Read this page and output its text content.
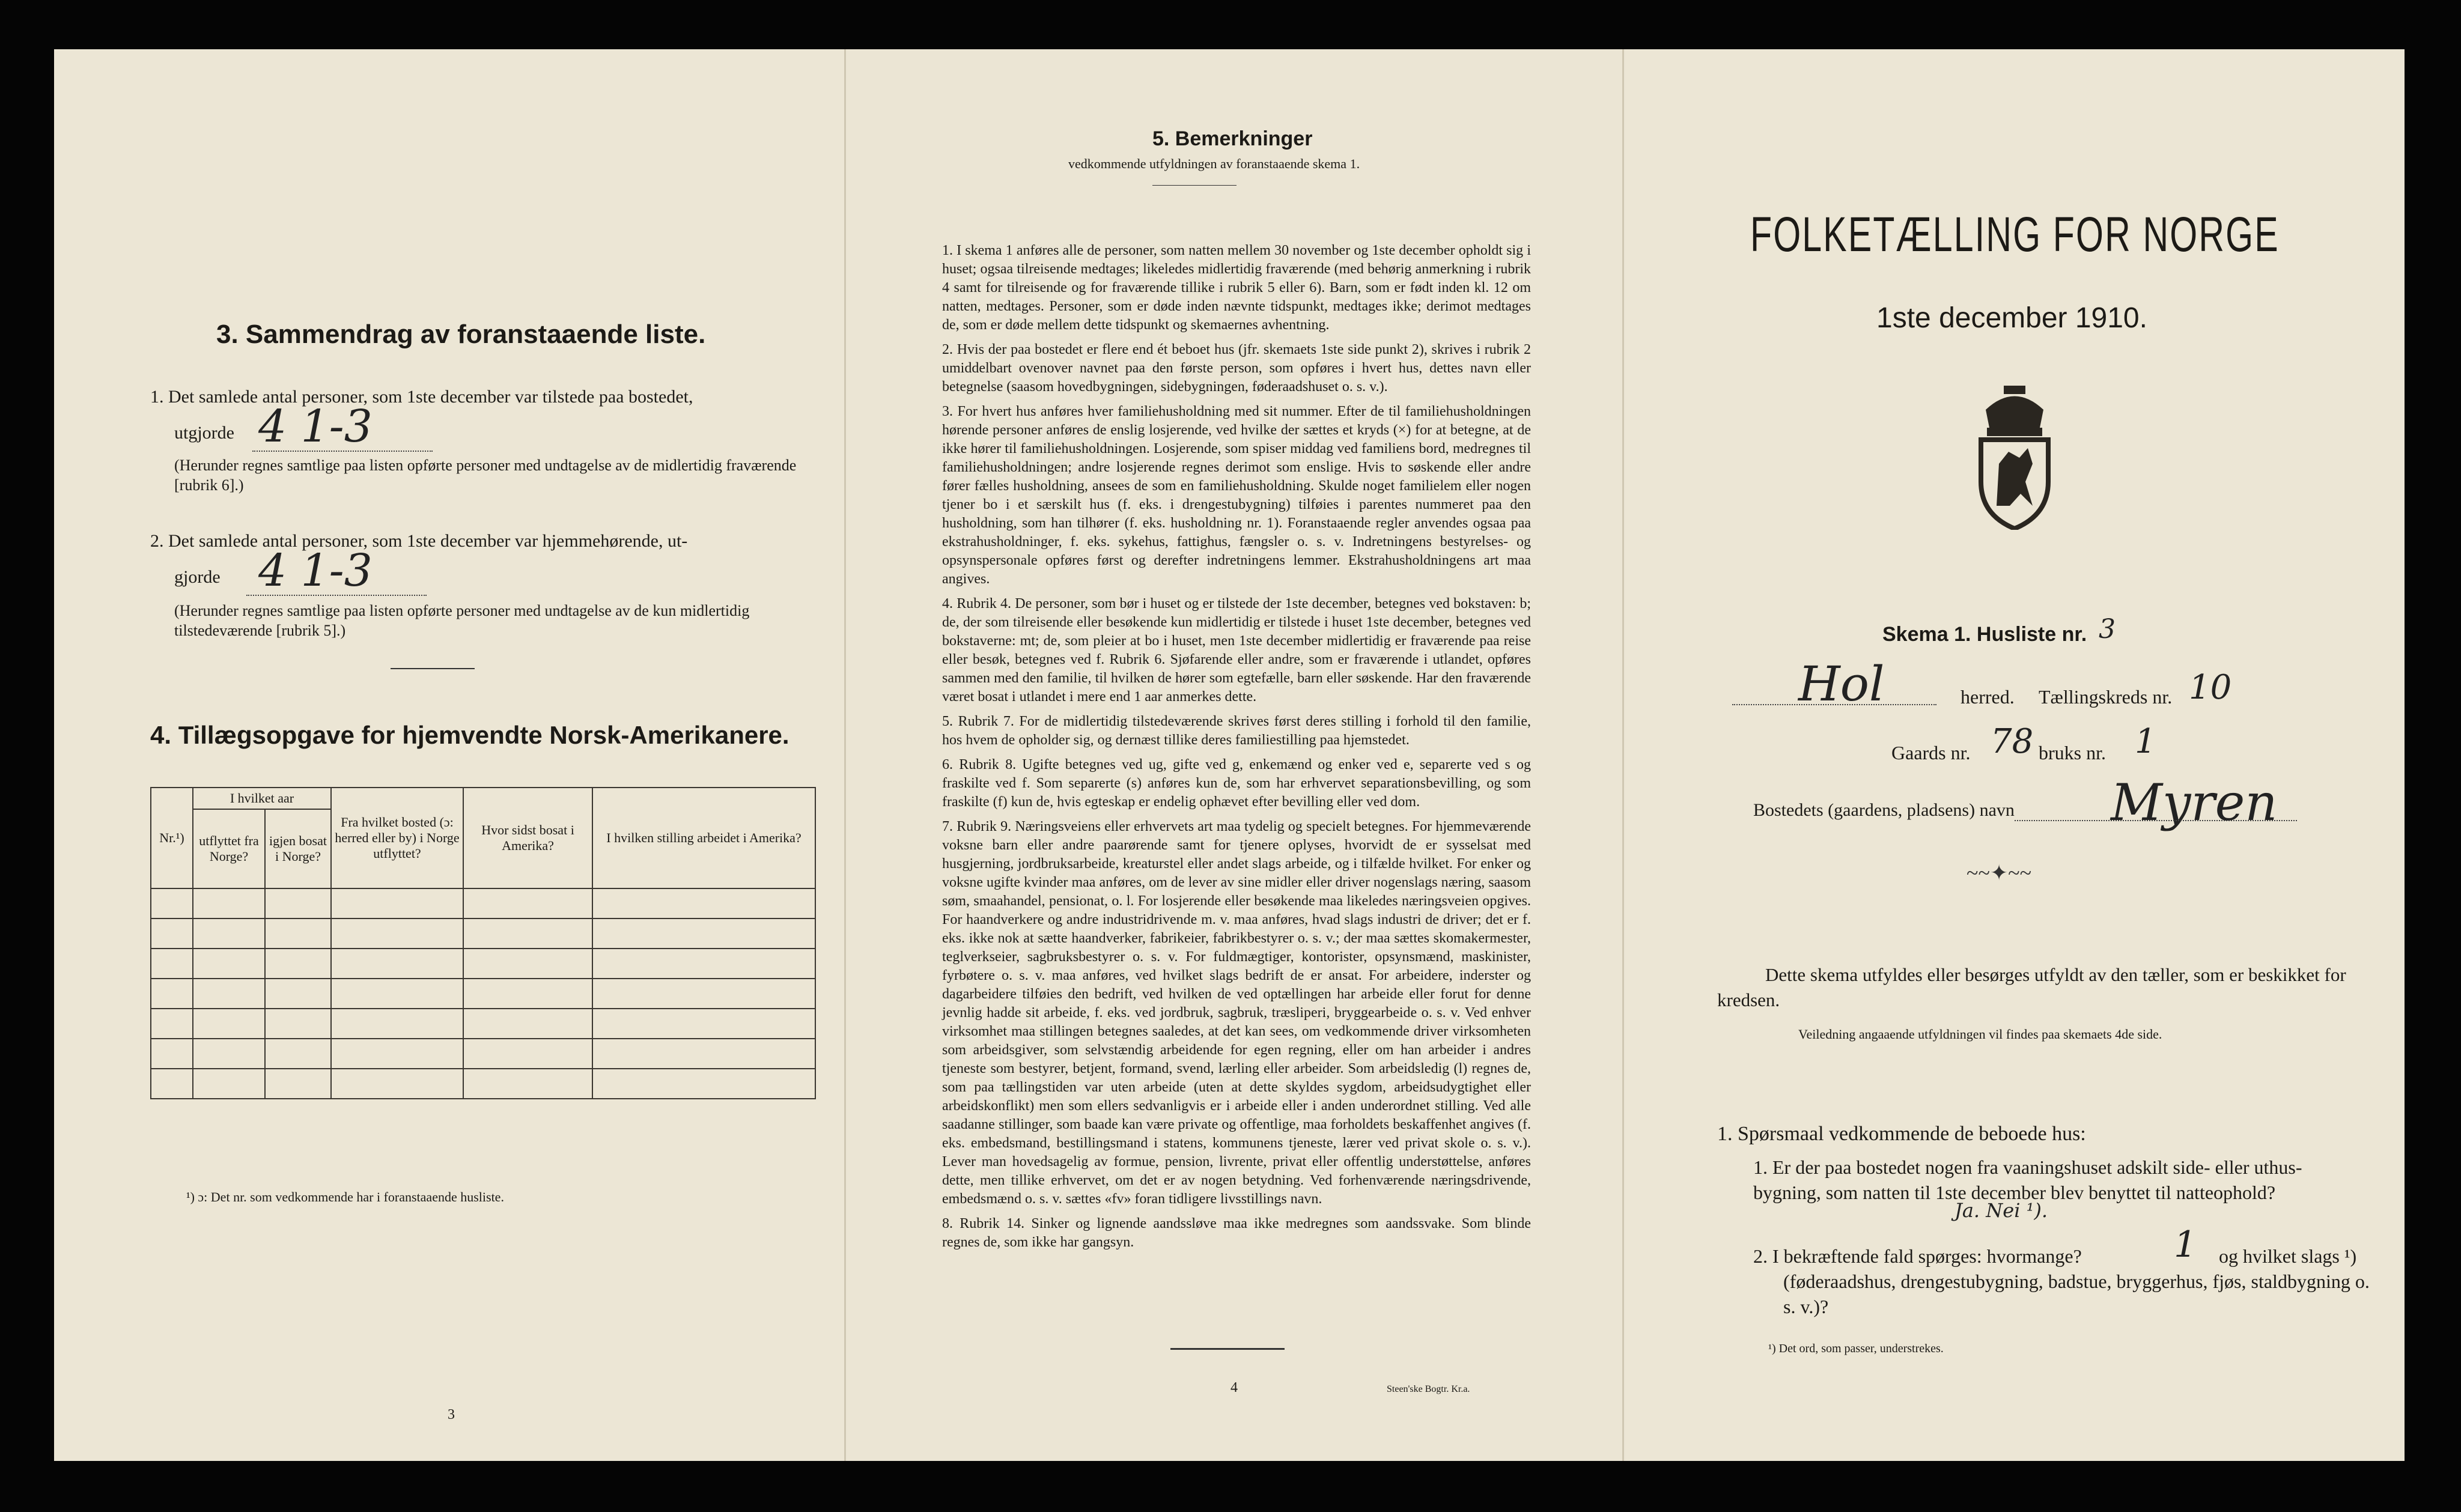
3. Sammendrag av foranstaaende liste.
1. Det samlede antal personer, som 1ste december var tilstede paa bostedet,
utgjorde 4 1-3
(Herunder regnes samtlige paa listen opførte personer med undtagelse av de midlertidig fraværende [rubrik 6].)
2. Det samlede antal personer, som 1ste december var hjemmehørende, ut-
gjorde 4 1-3
(Herunder regnes samtlige paa listen opførte personer med undtagelse av de kun midlertidig tilstedeværende [rubrik 5].)
4. Tillægsopgave for hjemvendte Norsk-Amerikanere.
Nr.¹)	I hvilket aar		Fra hvilket bosted (ɔ: herred eller by) i Norge utflyttet?	Hvor sidst bosat i Amerika?	I hvilken stilling arbeidet i Amerika?
	utflyttet fra Norge?	igjen bosat i Norge?			

¹) ɔ: Det nr. som vedkommende har i foranstaaende husliste.
3
5. Bemerkninger
vedkommende utfyldningen av foranstaaende skema 1.

1. I skema 1 anføres alle de personer, som natten mellem 30 november og 1ste december opholdt sig i huset; ogsaa tilreisende medtages; likeledes midlertidig fraværende (med behørig anmerkning i rubrik 4 samt for tilreisende og for fraværende tillike i rubrik 5 eller 6). Barn, som er født inden kl. 12 om natten, medtages. Personer, som er døde inden nævnte tidspunkt, medtages ikke; derimot medtages de, som er døde mellem dette tidspunkt og skemaernes avhentning.

2. Hvis der paa bostedet er flere end ét beboet hus (jfr. skemaets 1ste side punkt 2), skrives i rubrik 2 umiddelbart ovenover navnet paa den første person, som opføres i hvert hus, dettes navn eller betegnelse (saasom hovedbygningen, sidebygningen, føderaadshuset o. s. v.).

3. For hvert hus anføres hver familiehusholdning med sit nummer. Efter de til familiehusholdningen hørende personer anføres de enslig losjerende, ved hvilke der sættes et kryds (×) for at betegne, at de ikke hører til familiehusholdningen. Losjerende, som spiser middag ved familiens bord, medregnes til familiehusholdningen; andre losjerende regnes derimot som enslige. Hvis to søskende eller andre fører fælles husholdning, ansees de som en familiehusholdning. Skulde noget familielem eller nogen tjener bo i et særskilt hus (f. eks. i drengestubygning) tilføies i parentes nummeret paa den husholdning, som han tilhører (f. eks. husholdning nr. 1). Foranstaaende regler anvendes ogsaa paa ekstrahusholdninger, f. eks. sykehus, fattighus, fængsler o. s. v. Indretningens bestyrelses- og opsynspersonale opføres først og derefter indretningens lemmer. Ekstrahusholdningens art maa angives.

4. Rubrik 4. De personer, som bør i huset og er tilstede der 1ste december, betegnes ved bokstaven: b; de, der som tilreisende eller besøkende kun midlertidig er tilstede i huset 1ste december, betegnes ved bokstaverne: mt; de, som pleier at bo i huset, men 1ste december midlertidig er fraværende paa reise eller besøk, betegnes ved f. Rubrik 6. Sjøfarende eller andre, som er fraværende i utlandet, opføres sammen med den familie, til hvilken de hører som egtefælle, barn eller søskende. Har den fraværende været bosat i utlandet i mere end 1 aar anmerkes dette.

5. Rubrik 7. For de midlertidig tilstedeværende skrives først deres stilling i forhold til den familie, hos hvem de opholder sig, og dernæst tillike deres familiestilling paa hjemstedet.

6. Rubrik 8. Ugifte betegnes ved ug, gifte ved g, enkemænd og enker ved e, separerte ved s og fraskilte ved f. Som separerte (s) anføres kun de, som har erhvervet separationsbevilling, og som fraskilte (f) kun de, hvis egteskap er endelig ophævet efter bevilling eller ved dom.

7. Rubrik 9. Næringsveiens eller erhvervets art maa tydelig og specielt betegnes. For hjemmeværende voksne barn eller andre paarørende samt for tjenere oplyses, hvorvidt de er sysselsat med husgjerning, jordbruksarbeide, kreaturstel eller andet slags arbeide, og i tilfælde hvilket. For enker og voksne ugifte kvinder maa anføres, om de lever av sine midler eller driver nogenslags næring, saasom søm, smaahandel, pensionat, o. l. For losjerende eller besøkende maa likeledes næringsveien opgives. For haandverkere og andre industridrivende m. v. maa anføres, hvad slags industri de driver; det er f. eks. ikke nok at sætte haandverker, fabrikeier, fabrikbestyrer o. s. v.; der maa sættes skomakermester, teglverkseier, sagbruksbestyrer o. s. v. For fuldmægtiger, kontorister, opsynsmænd, maskinister, fyrbøtere o. s. v. maa anføres, ved hvilket slags bedrift de er ansat. For arbeidere, inderster og dagarbeidere tilføies den bedrift, ved hvilken de ved optællingen har arbeide eller forut for denne jevnlig hadde sit arbeide, f. eks. ved jordbruk, sagbruk, træsliperi, bryggearbeide o. s. v. Ved enhver virksomhet maa stillingen betegnes saaledes, at det kan sees, om vedkommende driver virksomheten som arbeidsgiver, som selvstændig arbeidende for egen regning, eller om han arbeider i andres tjeneste som bestyrer, betjent, formand, svend, lærling eller arbeider. Som arbeidsledig (l) regnes de, som paa tællingstiden var uten arbeide (uten at dette skyldes sygdom, arbeidsudygtighet eller arbeidskonflikt) men som ellers sedvanligvis er i arbeide eller i anden underordnet stilling. Ved alle saadanne stillinger, som baade kan være private og offentlige, maa forholdets beskaffenhet angives (f. eks. embedsmand, bestillingsmand i statens, kommunens tjeneste, lærer ved privat skole o. s. v.). Lever man hovedsagelig av formue, pension, livrente, privat eller offentlig understøttelse, anføres dette, men tillike erhvervet, om det er av nogen betydning. Ved forhenværende næringsdrivende, embedsmænd o. s. v. sættes «fv» foran tidligere livsstillings navn.

8. Rubrik 14. Sinker og lignende aandssløve maa ikke medregnes som aandssvake. Som blinde regnes de, som ikke har gangsyn.

4	Steen'ske Bogtr. Kr.a.
FOLKETÆLLING FOR NORGE
1ste december 1910.
Skema 1. Husliste nr. 3
Hol	herred. Tællingskreds nr. 10
Gaards nr. 78 bruks nr. 1
Bostedets (gaardens, pladsens) navn Myren
~~✦~~
Dette skema utfyldes eller besørges utfyldt av den tæller, som er beskikket for kredsen.
Veiledning angaaende utfyldningen vil findes paa skemaets 4de side.
1. Spørsmaal vedkommende de beboede hus:
1. Er der paa bostedet nogen fra vaaningshuset adskilt side- eller uthus-bygning, som natten til 1ste december blev benyttet til natteophold?
Ja. Nei ¹).
2. I bekræftende fald spørges: hvormange?	1 og hvilket slags ¹)
(føderaadshus, drengestubygning, badstue, bryggerhus, fjøs, staldbygning o. s. v.)?
¹) Det ord, som passer, understrekes.
